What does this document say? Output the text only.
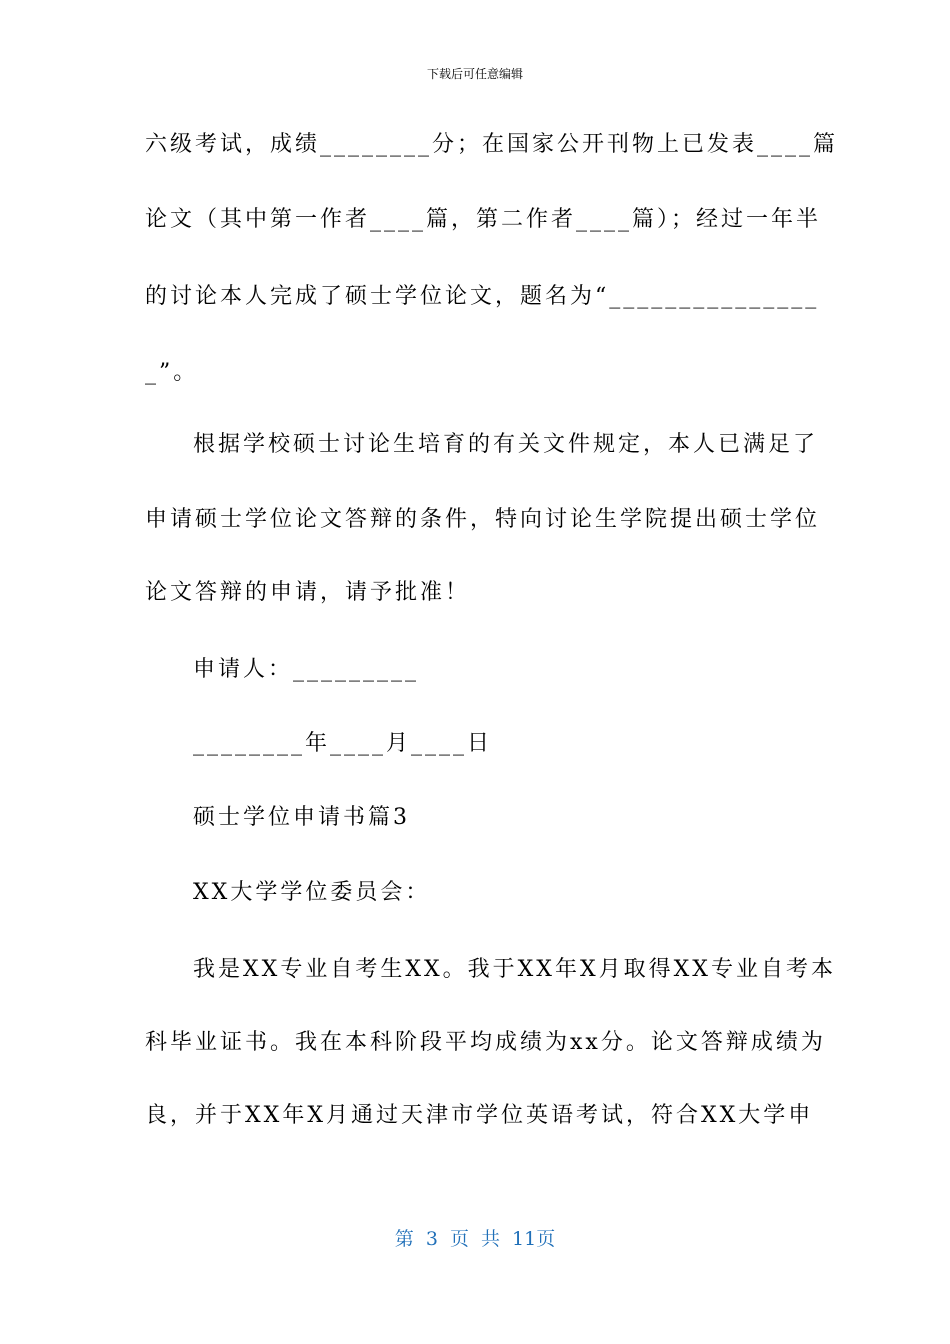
下载后可任意编辑
六级考试，成绩________分；在国家公开刊物上已发表____篇
论文（其中第一作者____篇，第二作者____篇）；经过一年半
的讨论本人完成了硕士学位论文，题名为“_______________
_”。
根据学校硕士讨论生培育的有关文件规定，本人已满足了
申请硕士学位论文答辩的条件，特向讨论生学院提出硕士学位
论文答辩的申请，请予批准！
申请人：_________
________年____月____日
硕士学位申请书篇3
XX大学学位委员会：
我是XX专业自考生XX。我于XX年X月取得XX专业自考本
科毕业证书。我在本科阶段平均成绩为xx分。论文答辩成绩为
良，并于XX年X月通过天津市学位英语考试，符合XX大学申
第 3 页 共 11页
